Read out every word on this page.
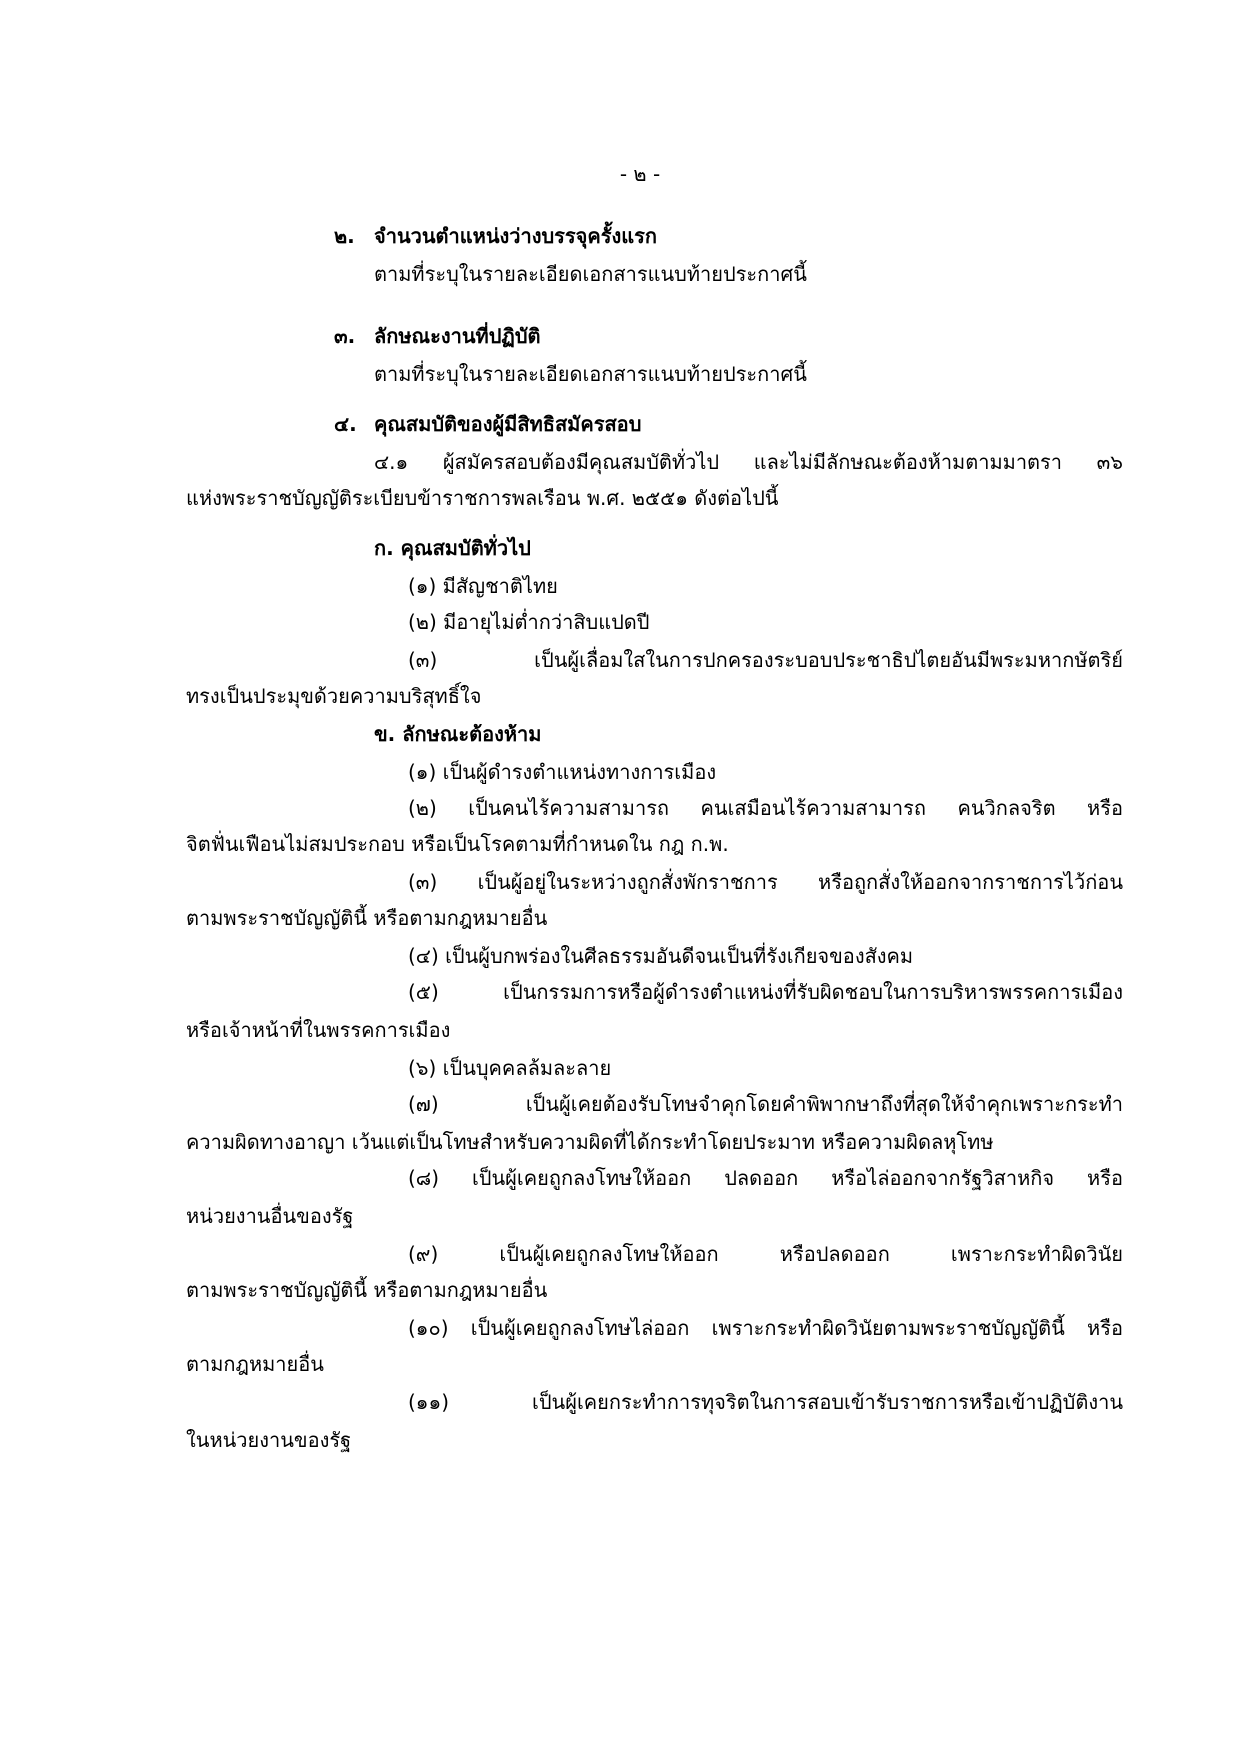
- ๒ -
๒. จำนวนตำแหน่งว่างบรรจุครั้งแรก
ตามที่ระบุในรายละเอียดเอกสารแนบท้ายประกาศนี้
๓. ลักษณะงานที่ปฏิบัติ
ตามที่ระบุในรายละเอียดเอกสารแนบท้ายประกาศนี้
๔. คุณสมบัติของผู้มีสิทธิสมัครสอบ
๔.๑ ผู้สมัครสอบต้องมีคุณสมบัติทั่วไป และไม่มีลักษณะต้องห้ามตามมาตรา ๓๖
แห่งพระราชบัญญัติระเบียบข้าราชการพลเรือน พ.ศ. ๒๕๕๑ ดังต่อไปนี้
ก. คุณสมบัติทั่วไป
(๑) มีสัญชาติไทย
(๒) มีอายุไม่ต่ำกว่าสิบแปดปี
(๓) เป็นผู้เลื่อมใสในการปกครองระบอบประชาธิปไตยอันมีพระมหากษัตริย์
ทรงเป็นประมุขด้วยความบริสุทธิ์ใจ
ข. ลักษณะต้องห้าม
(๑) เป็นผู้ดำรงตำแหน่งทางการเมือง
(๒) เป็นคนไร้ความสามารถ คนเสมือนไร้ความสามารถ คนวิกลจริต หรือ
จิตฟั่นเฟือนไม่สมประกอบ หรือเป็นโรคตามที่กำหนดใน กฎ ก.พ.
(๓) เป็นผู้อยู่ในระหว่างถูกสั่งพักราชการ หรือถูกสั่งให้ออกจากราชการไว้ก่อน
ตามพระราชบัญญัตินี้ หรือตามกฎหมายอื่น
(๔) เป็นผู้บกพร่องในศีลธรรมอันดีจนเป็นที่รังเกียจของสังคม
(๕) เป็นกรรมการหรือผู้ดำรงตำแหน่งที่รับผิดชอบในการบริหารพรรคการเมือง
หรือเจ้าหน้าที่ในพรรคการเมือง
(๖) เป็นบุคคลล้มละลาย
(๗) เป็นผู้เคยต้องรับโทษจำคุกโดยคำพิพากษาถึงที่สุดให้จำคุกเพราะกระทำ
ความผิดทางอาญา เว้นแต่เป็นโทษสำหรับความผิดที่ได้กระทำโดยประมาท หรือความผิดลหุโทษ
(๘) เป็นผู้เคยถูกลงโทษให้ออก ปลดออก หรือไล่ออกจากรัฐวิสาหกิจ หรือ
หน่วยงานอื่นของรัฐ
(๙) เป็นผู้เคยถูกลงโทษให้ออก หรือปลดออก เพราะกระทำผิดวินัย
ตามพระราชบัญญัตินี้ หรือตามกฎหมายอื่น
(๑๐) เป็นผู้เคยถูกลงโทษไล่ออก เพราะกระทำผิดวินัยตามพระราชบัญญัตินี้ หรือ
ตามกฎหมายอื่น
(๑๑) เป็นผู้เคยกระทำการทุจริตในการสอบเข้ารับราชการหรือเข้าปฏิบัติงาน
ในหน่วยงานของรัฐ
